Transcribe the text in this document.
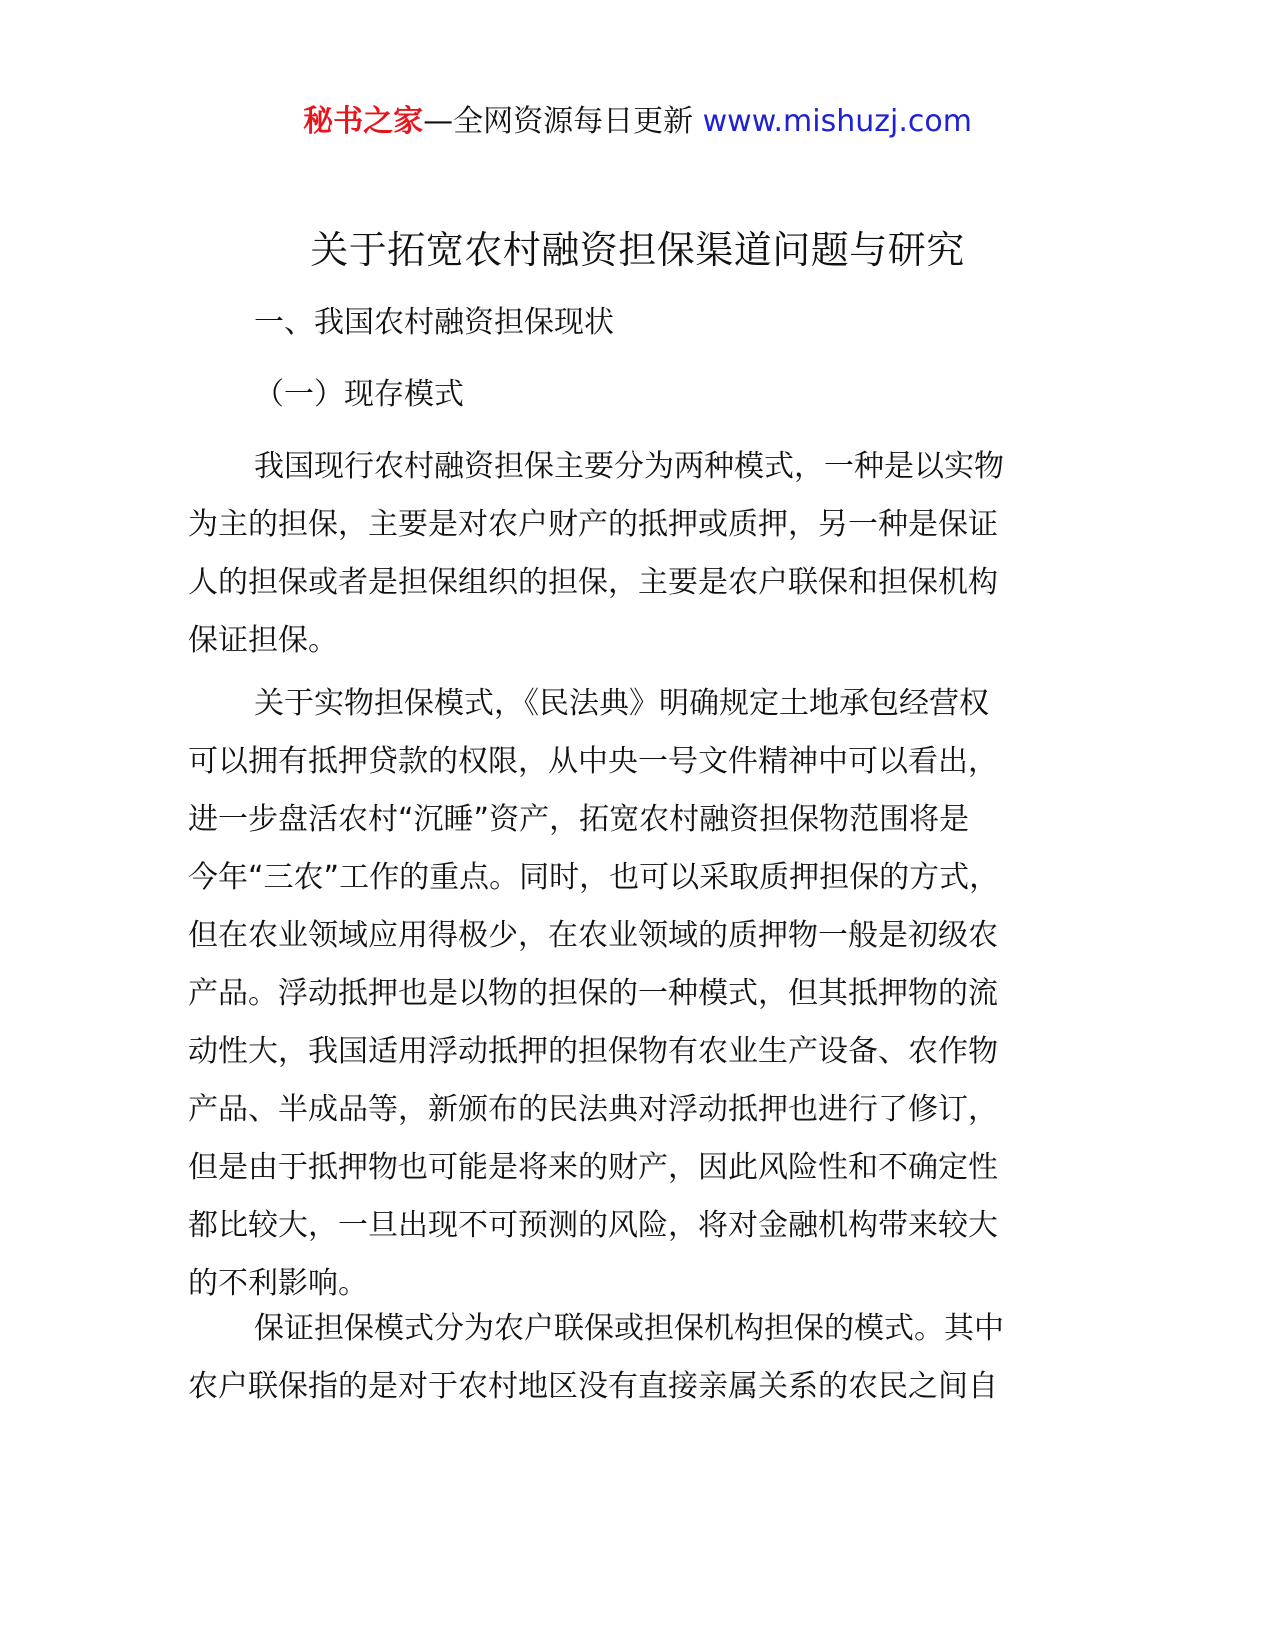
秘书之家—全网资源每日更新 www.mishuzj.com
关于拓宽农村融资担保渠道问题与研究
一、我国农村融资担保现状
（一）现存模式

我国现行农村融资担保主要分为两种模式，一种是以实物
为主的担保，主要是对农户财产的抵押或质押，另一种是保证
人的担保或者是担保组织的担保，主要是农户联保和担保机构
保证担保。

关于实物担保模式，《民法典》明确规定土地承包经营权
可以拥有抵押贷款的权限，从中央一号文件精神中可以看出，
进一步盘活农村“沉睡”资产，拓宽农村融资担保物范围将是
今年“三农”工作的重点。同时，也可以采取质押担保的方式，
但在农业领域应用得极少，在农业领域的质押物一般是初级农
产品。浮动抵押也是以物的担保的一种模式，但其抵押物的流
动性大，我国适用浮动抵押的担保物有农业生产设备、农作物
产品、半成品等，新颁布的民法典对浮动抵押也进行了修订，
但是由于抵押物也可能是将来的财产，因此风险性和不确定性
都比较大，一旦出现不可预测的风险，将对金融机构带来较大
的不利影响。

保证担保模式分为农户联保或担保机构担保的模式。其中
农户联保指的是对于农村地区没有直接亲属关系的农民之间自
